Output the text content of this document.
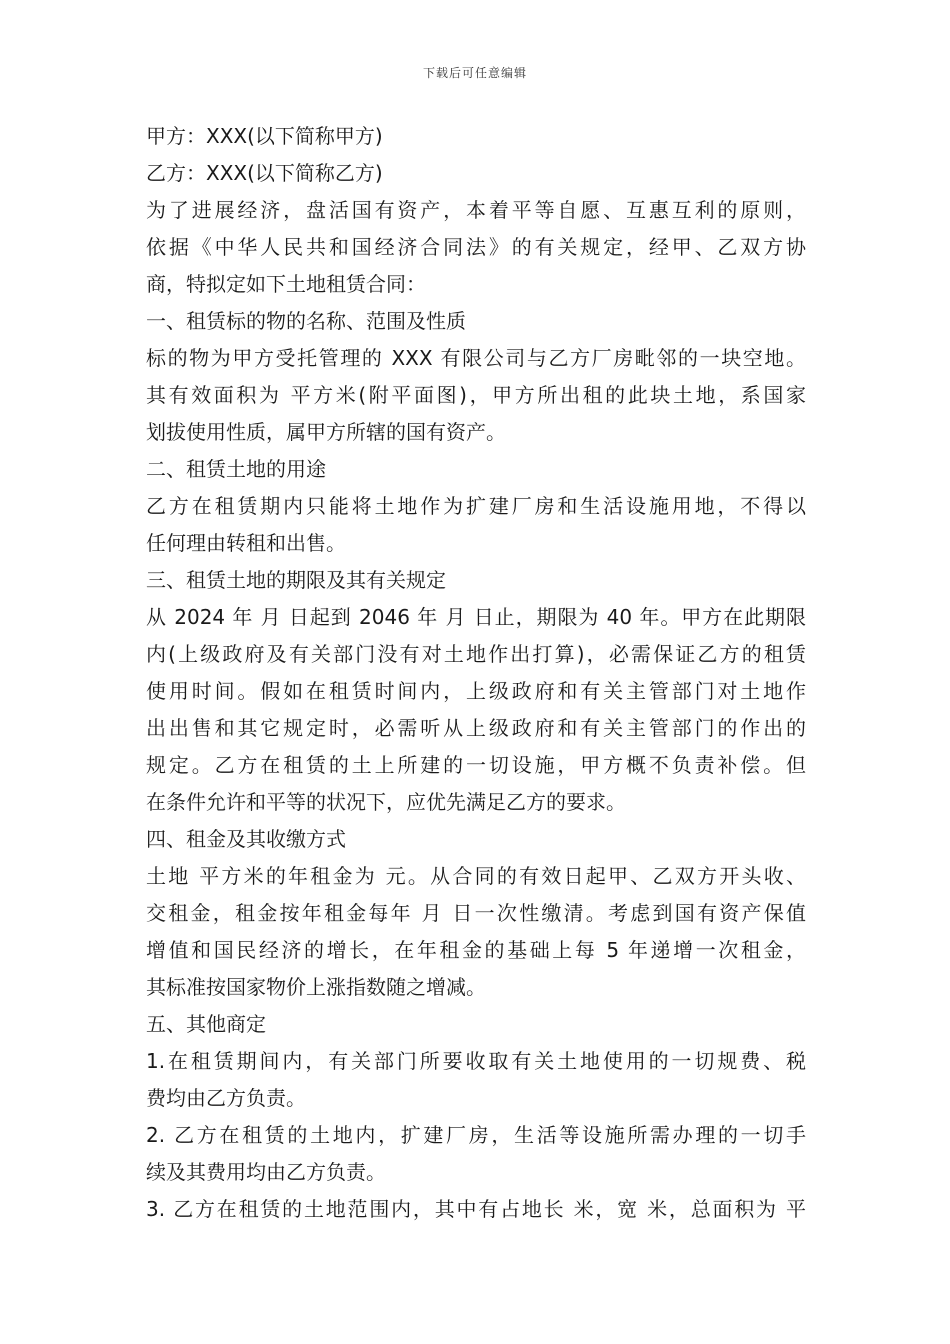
下载后可任意编辑
甲方：XXX(以下简称甲方)
乙方：XXX(以下简称乙方)
为了进展经济，盘活国有资产，本着平等自愿、互惠互利的原则，
依据《中华人民共和国经济合同法》的有关规定，经甲、乙双方协
商，特拟定如下土地租赁合同：
一、租赁标的物的名称、范围及性质
标的物为甲方受托管理的 XXX 有限公司与乙方厂房毗邻的一块空地。
其有效面积为 平方米(附平面图)，甲方所出租的此块土地，系国家
划拔使用性质，属甲方所辖的国有资产。
二、租赁土地的用途
乙方在租赁期内只能将土地作为扩建厂房和生活设施用地，不得以
任何理由转租和出售。
三、租赁土地的期限及其有关规定
从 2024 年 月 日起到 2046 年 月 日止，期限为 40 年。甲方在此期限
内(上级政府及有关部门没有对土地作出打算)，必需保证乙方的租赁
使用时间。假如在租赁时间内，上级政府和有关主管部门对土地作
出出售和其它规定时，必需听从上级政府和有关主管部门的作出的
规定。乙方在租赁的土上所建的一切设施，甲方概不负责补偿。但
在条件允许和平等的状况下，应优先满足乙方的要求。
四、租金及其收缴方式
土地 平方米的年租金为 元。从合同的有效日起甲、乙双方开头收、
交租金，租金按年租金每年 月 日一次性缴清。考虑到国有资产保值
增值和国民经济的增长，在年租金的基础上每 5 年递增一次租金，
其标准按国家物价上涨指数随之增减。
五、其他商定
1.在租赁期间内，有关部门所要收取有关土地使用的一切规费、税
费均由乙方负责。
2. 乙方在租赁的土地内，扩建厂房，生活等设施所需办理的一切手
续及其费用均由乙方负责。
3. 乙方在租赁的土地范围内，其中有占地长 米，宽 米，总面积为 平
